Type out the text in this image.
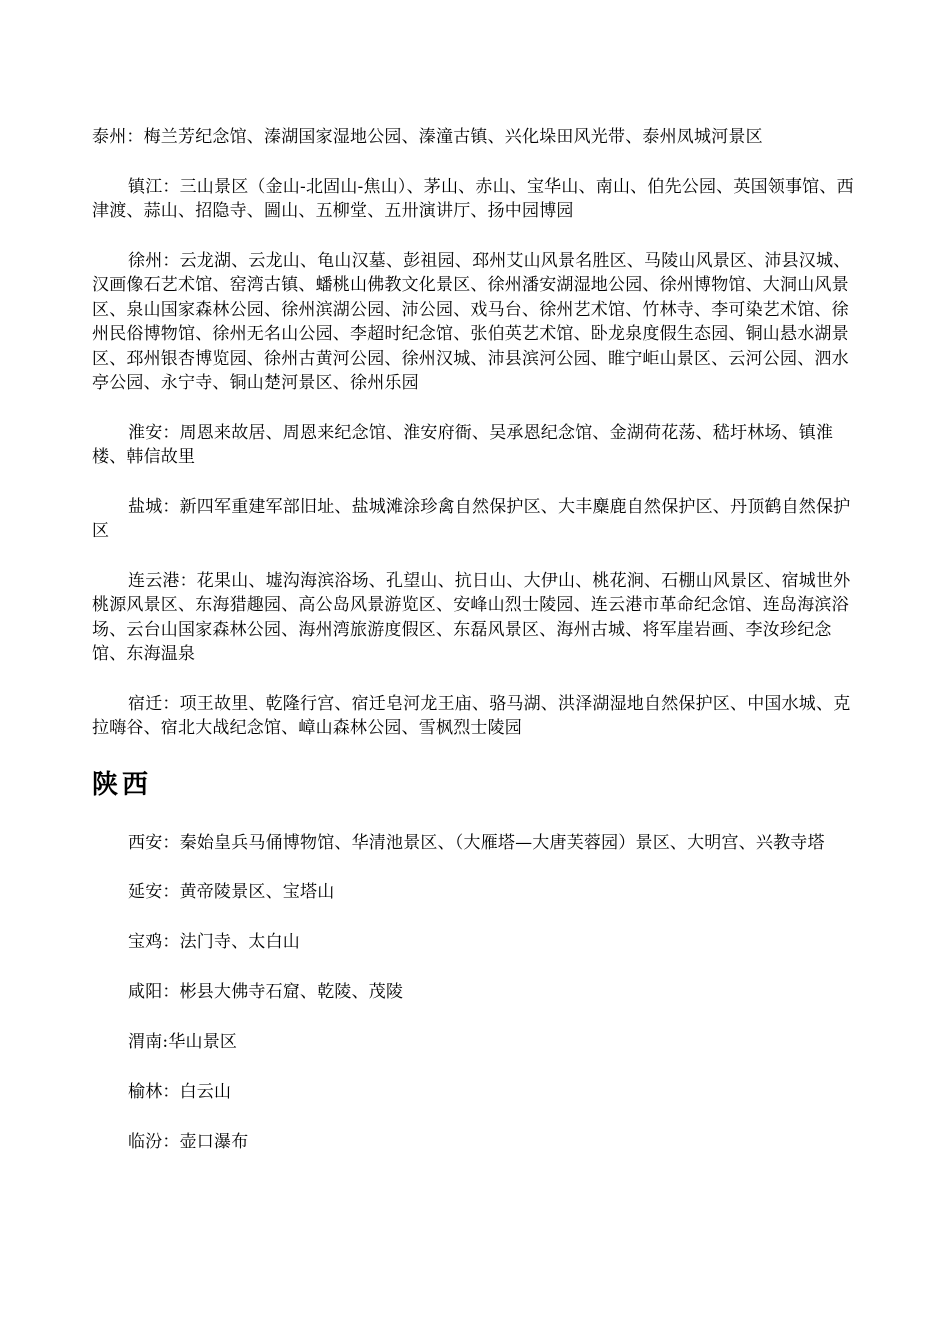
泰州：梅兰芳纪念馆、溱湖国家湿地公园、溱潼古镇、兴化垛田风光带、泰州凤城河景区

镇江：三山景区（金山-北固山-焦山）、茅山、赤山、宝华山、南山、伯先公园、英国领事馆、西津渡、蒜山、招隐寺、圌山、五柳堂、五卅演讲厅、扬中园博园

徐州：云龙湖、云龙山、龟山汉墓、彭祖园、邳州艾山风景名胜区、马陵山风景区、沛县汉城、汉画像石艺术馆、窑湾古镇、蟠桃山佛教文化景区、徐州潘安湖湿地公园、徐州博物馆、大洞山风景区、泉山国家森林公园、徐州滨湖公园、沛公园、戏马台、徐州艺术馆、竹林寺、李可染艺术馆、徐州民俗博物馆、徐州无名山公园、李超时纪念馆、张伯英艺术馆、卧龙泉度假生态园、铜山悬水湖景区、邳州银杏博览园、徐州古黄河公园、徐州汉城、沛县滨河公园、睢宁岠山景区、云河公园、泗水亭公园、永宁寺、铜山楚河景区、徐州乐园

淮安：周恩来故居、周恩来纪念馆、淮安府衙、吴承恩纪念馆、金湖荷花荡、嵇圩林场、镇淮楼、韩信故里

盐城：新四军重建军部旧址、盐城滩涂珍禽自然保护区、大丰麋鹿自然保护区、丹顶鹤自然保护区

连云港：花果山、墟沟海滨浴场、孔望山、抗日山、大伊山、桃花涧、石棚山风景区、宿城世外桃源风景区、东海猎趣园、高公岛风景游览区、安峰山烈士陵园、连云港市革命纪念馆、连岛海滨浴场、云台山国家森林公园、海州湾旅游度假区、东磊风景区、海州古城、将军崖岩画、李汝珍纪念馆、东海温泉

宿迁：项王故里、乾隆行宫、宿迁皂河龙王庙、骆马湖、洪泽湖湿地自然保护区、中国水城、克拉嗨谷、宿北大战纪念馆、嶂山森林公园、雪枫烈士陵园

陕西

西安：秦始皇兵马俑博物馆、华清池景区、（大雁塔—大唐芙蓉园）景区、大明宫、兴教寺塔

延安：黄帝陵景区、宝塔山

宝鸡：法门寺、太白山

咸阳：彬县大佛寺石窟、乾陵、茂陵

渭南:华山景区

榆林：白云山

临汾：壶口瀑布
